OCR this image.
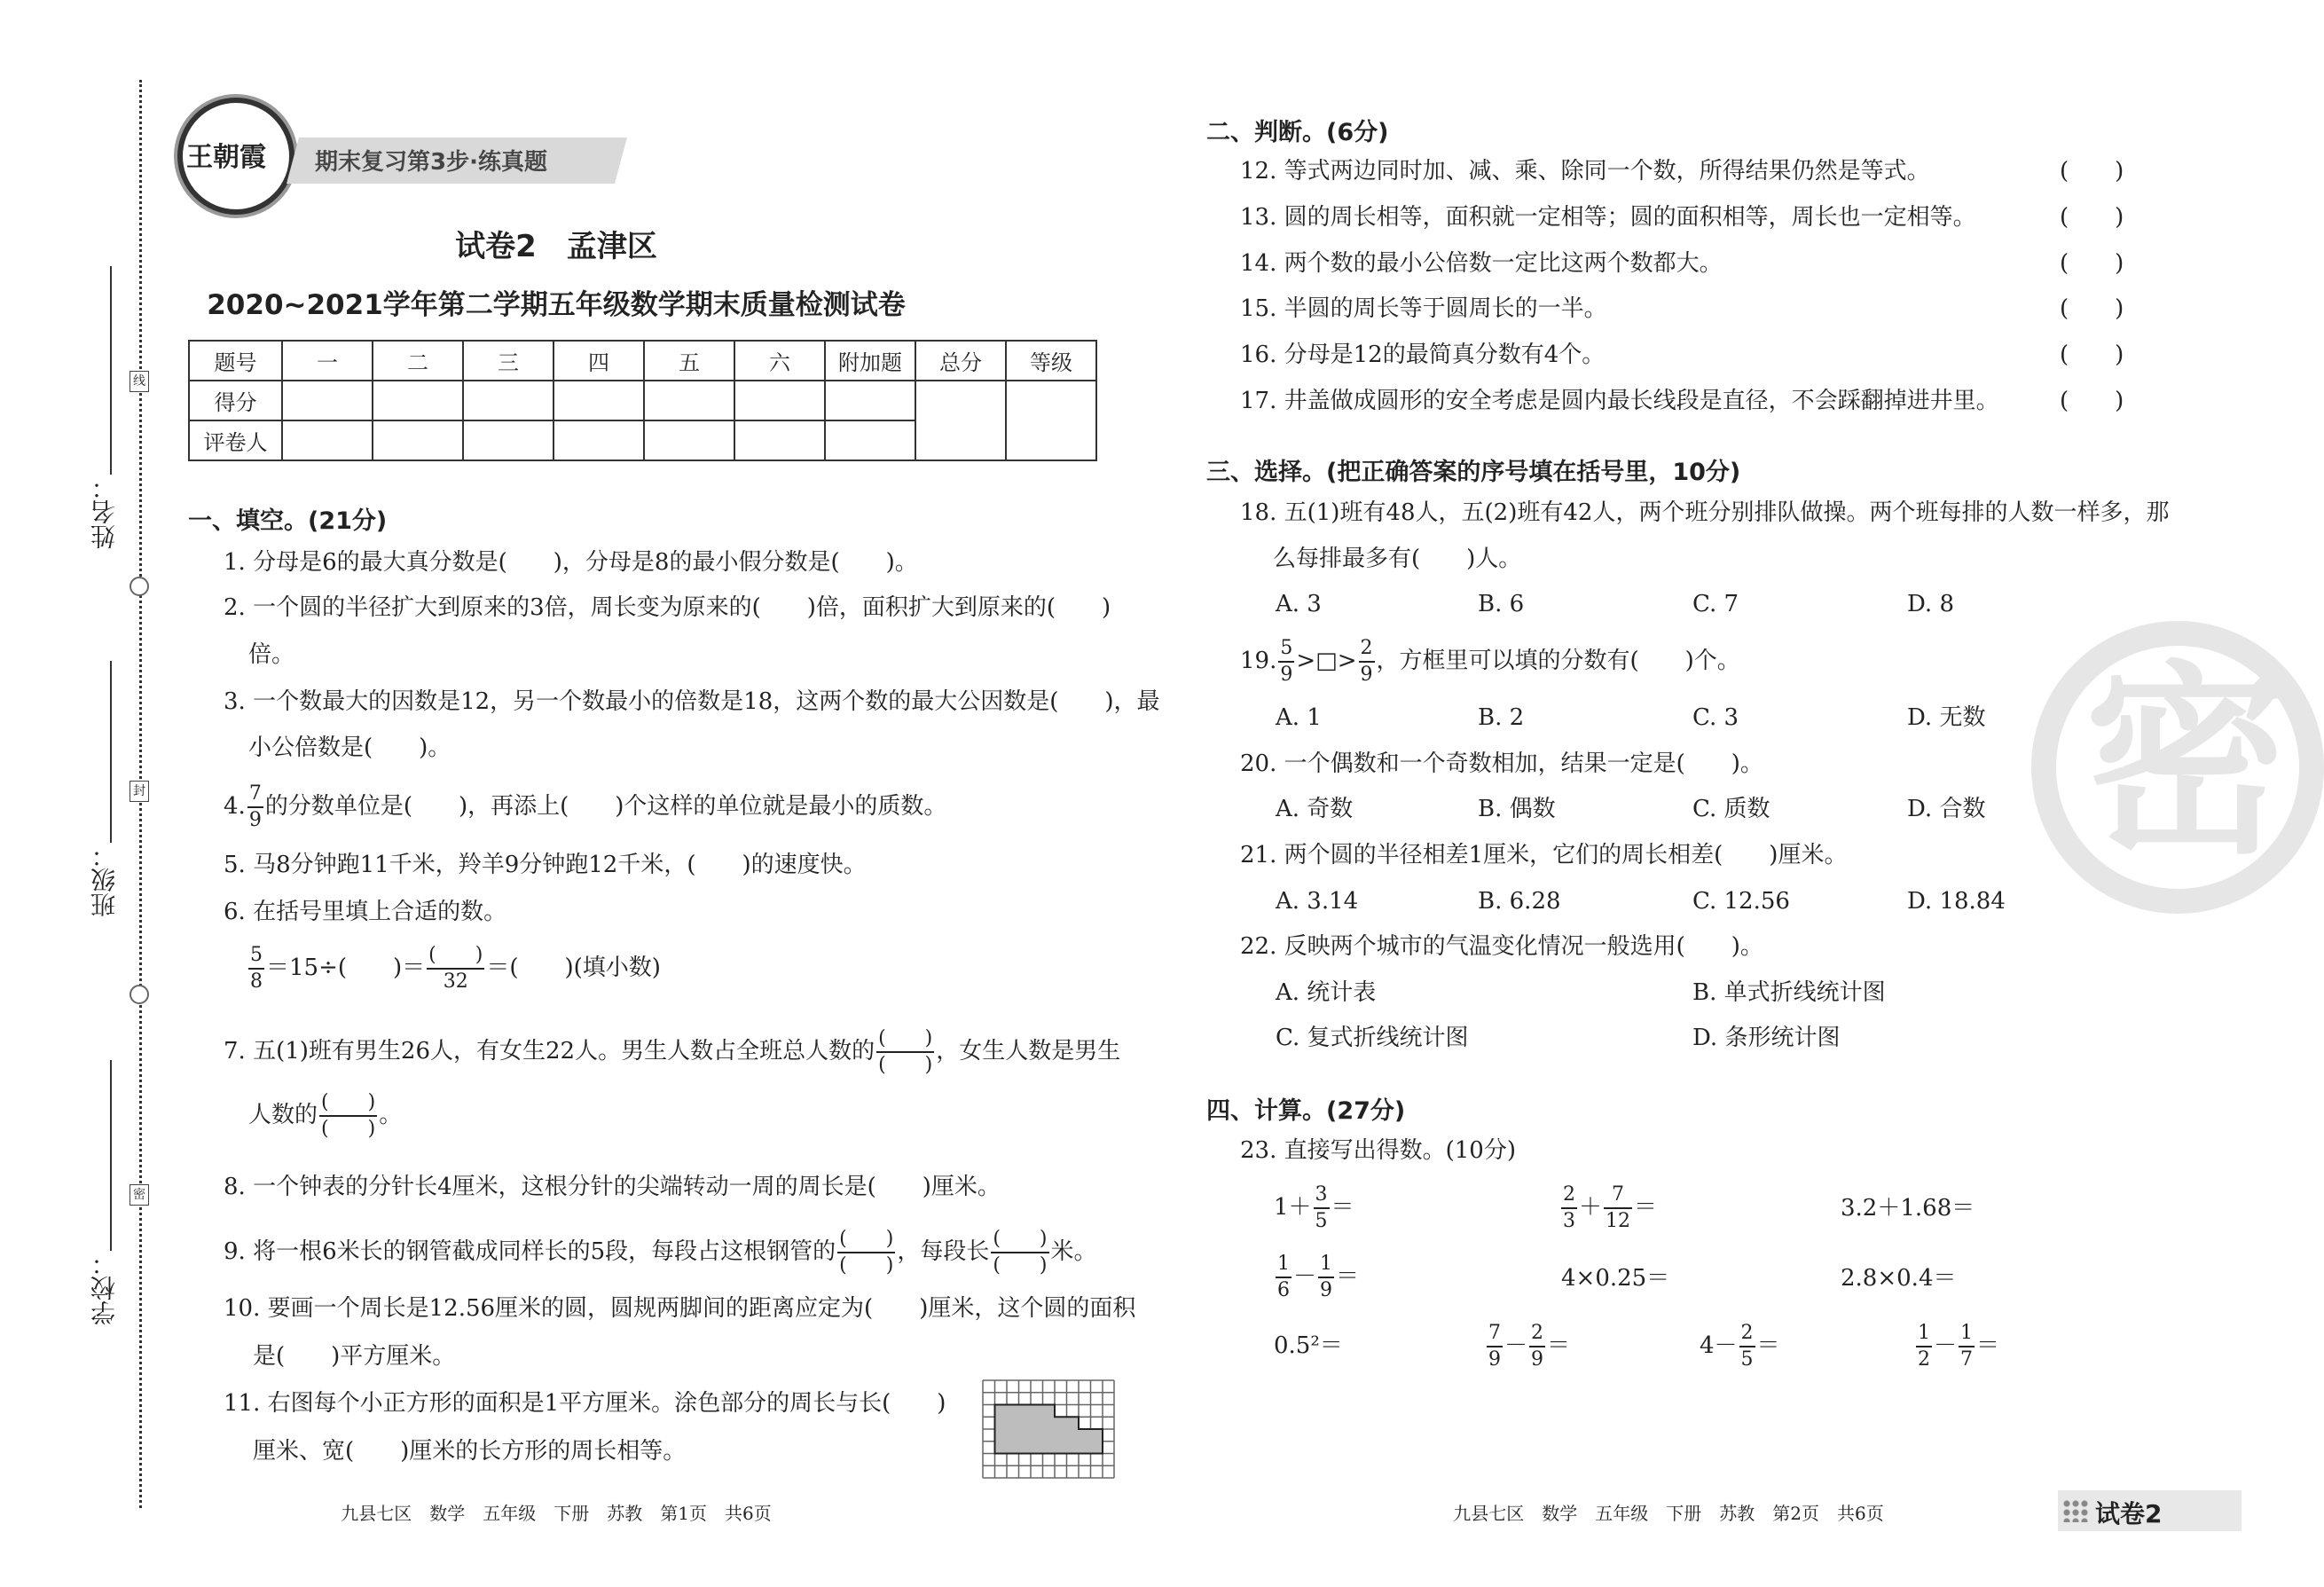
线
封
密
姓名：
班级：
学校：
王朝霞 期末复习第3步·练真题
试卷2　孟津区
2020~2021学年第二学期五年级数学期末质量检测试卷
题号	一	二	三	四	五	六	附加题	总分	等级
得分									
评卷人									
一、填空。(21分)
1. 分母是6的最大真分数是(　　)，分母是8的最小假分数是(　　)。
2. 一个圆的半径扩大到原来的3倍，周长变为原来的(　　)倍，面积扩大到原来的(　　)
倍。
3. 一个数最大的因数是12，另一个数最小的倍数是18，这两个数的最大公因数是(　　)，最
小公倍数是(　　)。
4. $\frac{7}{9}$ 的分数单位是(　　)，再添上(　　)个这样的单位就是最小的质数。
5. 马8分钟跑11千米，羚羊9分钟跑12千米，(　　)的速度快。
6. 在括号里填上合适的数。
$\frac{5}{8} =15\div$(　　)＝ $\frac{( )}{32}$ ＝(　　)(填小数)
7. 五(1)班有男生26人，有女生22人。男生人数占全班总人数的 $\frac{( )}{( )}$ ，女生人数是男生
人数的 $\frac{( )}{( )}$ 。
8. 一个钟表的分针长4厘米，这根分针的尖端转动一周的周长是(　　)厘米。
9. 将一根6米长的钢管截成同样长的5段，每段占这根钢管的 $\frac{( )}{( )}$ ，每段长 $\frac{( )}{( )}$ 米。
10. 要画一个周长是12.56厘米的圆，圆规两脚间的距离应定为(　　)厘米，这个圆的面积
是(　　)平方厘米。
11. 右图每个小正方形的面积是1平方厘米。涂色部分的周长与长(　　)
厘米、宽(　　)厘米的长方形的周长相等。
九县七区　数学　五年级　下册　苏教　第1页　共6页
密
二、判断。(6分)
12. 等式两边同时加、减、乘、除同一个数，所得结果仍然是等式。	(　　)
13. 圆的周长相等，面积就一定相等；圆的面积相等，周长也一定相等。	(　　)
14. 两个数的最小公倍数一定比这两个数都大。	(　　)
15. 半圆的周长等于圆周长的一半。	(　　)
16. 分母是12的最简真分数有4个。	(　　)
17. 井盖做成圆形的安全考虑是圆内最长线段是直径，不会踩翻掉进井里。	(　　)
三、选择。(把正确答案的序号填在括号里，10分)
18. 五(1)班有48人，五(2)班有42人，两个班分别排队做操。两个班每排的人数一样多，那
么每排最多有(　　)人。
A. 3	B. 6	C. 7	D. 8
19. $\frac{5}{9}$ >□> $\frac{2}{9}$ ，方框里可以填的分数有(　　)个。
A. 1	B. 2	C. 3	D. 无数
20. 一个偶数和一个奇数相加，结果一定是(　　)。
A. 奇数	B. 偶数	C. 质数	D. 合数
21. 两个圆的半径相差1厘米，它们的周长相差(　　)厘米。
A. 3.14	B. 6.28	C. 12.56	D. 18.84
22. 反映两个城市的气温变化情况一般选用(　　)。
A. 统计表	B. 单式折线统计图
C. 复式折线统计图	D. 条形统计图
四、计算。(27分)
23. 直接写出得数。(10分)
$1+ \frac{3}{5}$ ＝	$\frac{2}{3} + \frac{7}{12}$ ＝	3.2＋1.68＝
$\frac{1}{6} - \frac{1}{9}$ ＝	4×0.25＝	2.8×0.4＝
0.5²＝	$\frac{7}{9} - \frac{2}{9}$ ＝	$4- \frac{2}{5}$ ＝	$\frac{1}{2} - \frac{1}{7}$ ＝
九县七区　数学　五年级　下册　苏教　第2页　共6页	试卷2
